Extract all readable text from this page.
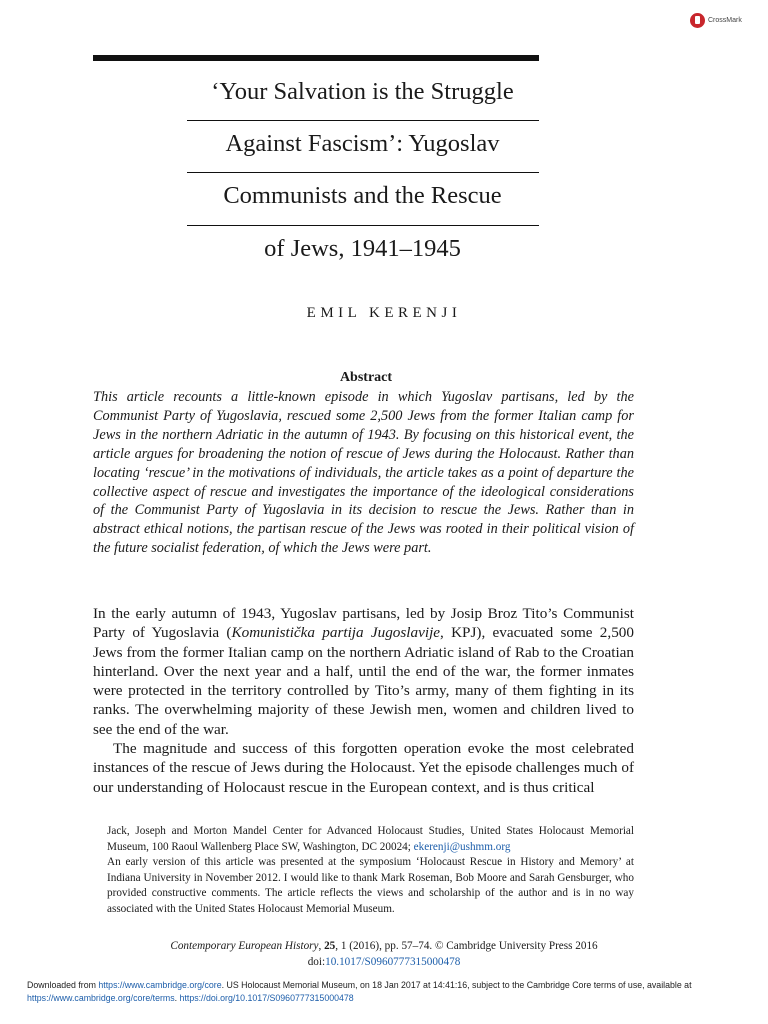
CrossMark
‘Your Salvation is the Struggle
Against Fascism’: Yugoslav
Communists and the Rescue
of Jews, 1941–1945
EMIL KERENJI
Abstract
This article recounts a little-known episode in which Yugoslav partisans, led by the Communist Party of Yugoslavia, rescued some 2,500 Jews from the former Italian camp for Jews in the northern Adriatic in the autumn of 1943. By focusing on this historical event, the article argues for broadening the notion of rescue of Jews during the Holocaust. Rather than locating ‘rescue’ in the motivations of individuals, the article takes as a point of departure the collective aspect of rescue and investigates the importance of the ideological considerations of the Communist Party of Yugoslavia in its decision to rescue the Jews. Rather than in abstract ethical notions, the partisan rescue of the Jews was rooted in their political vision of the future socialist federation, of which the Jews were part.

In the early autumn of 1943, Yugoslav partisans, led by Josip Broz Tito’s Communist Party of Yugoslavia (Komunistička partija Jugoslavije, KPJ), evacuated some 2,500 Jews from the former Italian camp on the northern Adriatic island of Rab to the Croatian hinterland. Over the next year and a half, until the end of the war, the former inmates were protected in the territory controlled by Tito’s army, many of them fighting in its ranks. The overwhelming majority of these Jewish men, women and children lived to see the end of the war.

The magnitude and success of this forgotten operation evoke the most celebrated instances of the rescue of Jews during the Holocaust. Yet the episode challenges much of our understanding of Holocaust rescue in the European context, and is thus critical

Jack, Joseph and Morton Mandel Center for Advanced Holocaust Studies, United States Holocaust Memorial Museum, 100 Raoul Wallenberg Place SW, Washington, DC 20024; ekerenji@ushmm.org
An early version of this article was presented at the symposium ‘Holocaust Rescue in History and Memory’ at Indiana University in November 2012. I would like to thank Mark Roseman, Bob Moore and Sarah Gensburger, who provided constructive comments. The article reflects the views and scholarship of the author and is in no way associated with the United States Holocaust Memorial Museum.
Contemporary European History, 25, 1 (2016), pp. 57–74. © Cambridge University Press 2016
doi:10.1017/S0960777315000478
Downloaded from https://www.cambridge.org/core. US Holocaust Memorial Museum, on 18 Jan 2017 at 14:41:16, subject to the Cambridge Core terms of use, available at https://www.cambridge.org/core/terms. https://doi.org/10.1017/S0960777315000478
